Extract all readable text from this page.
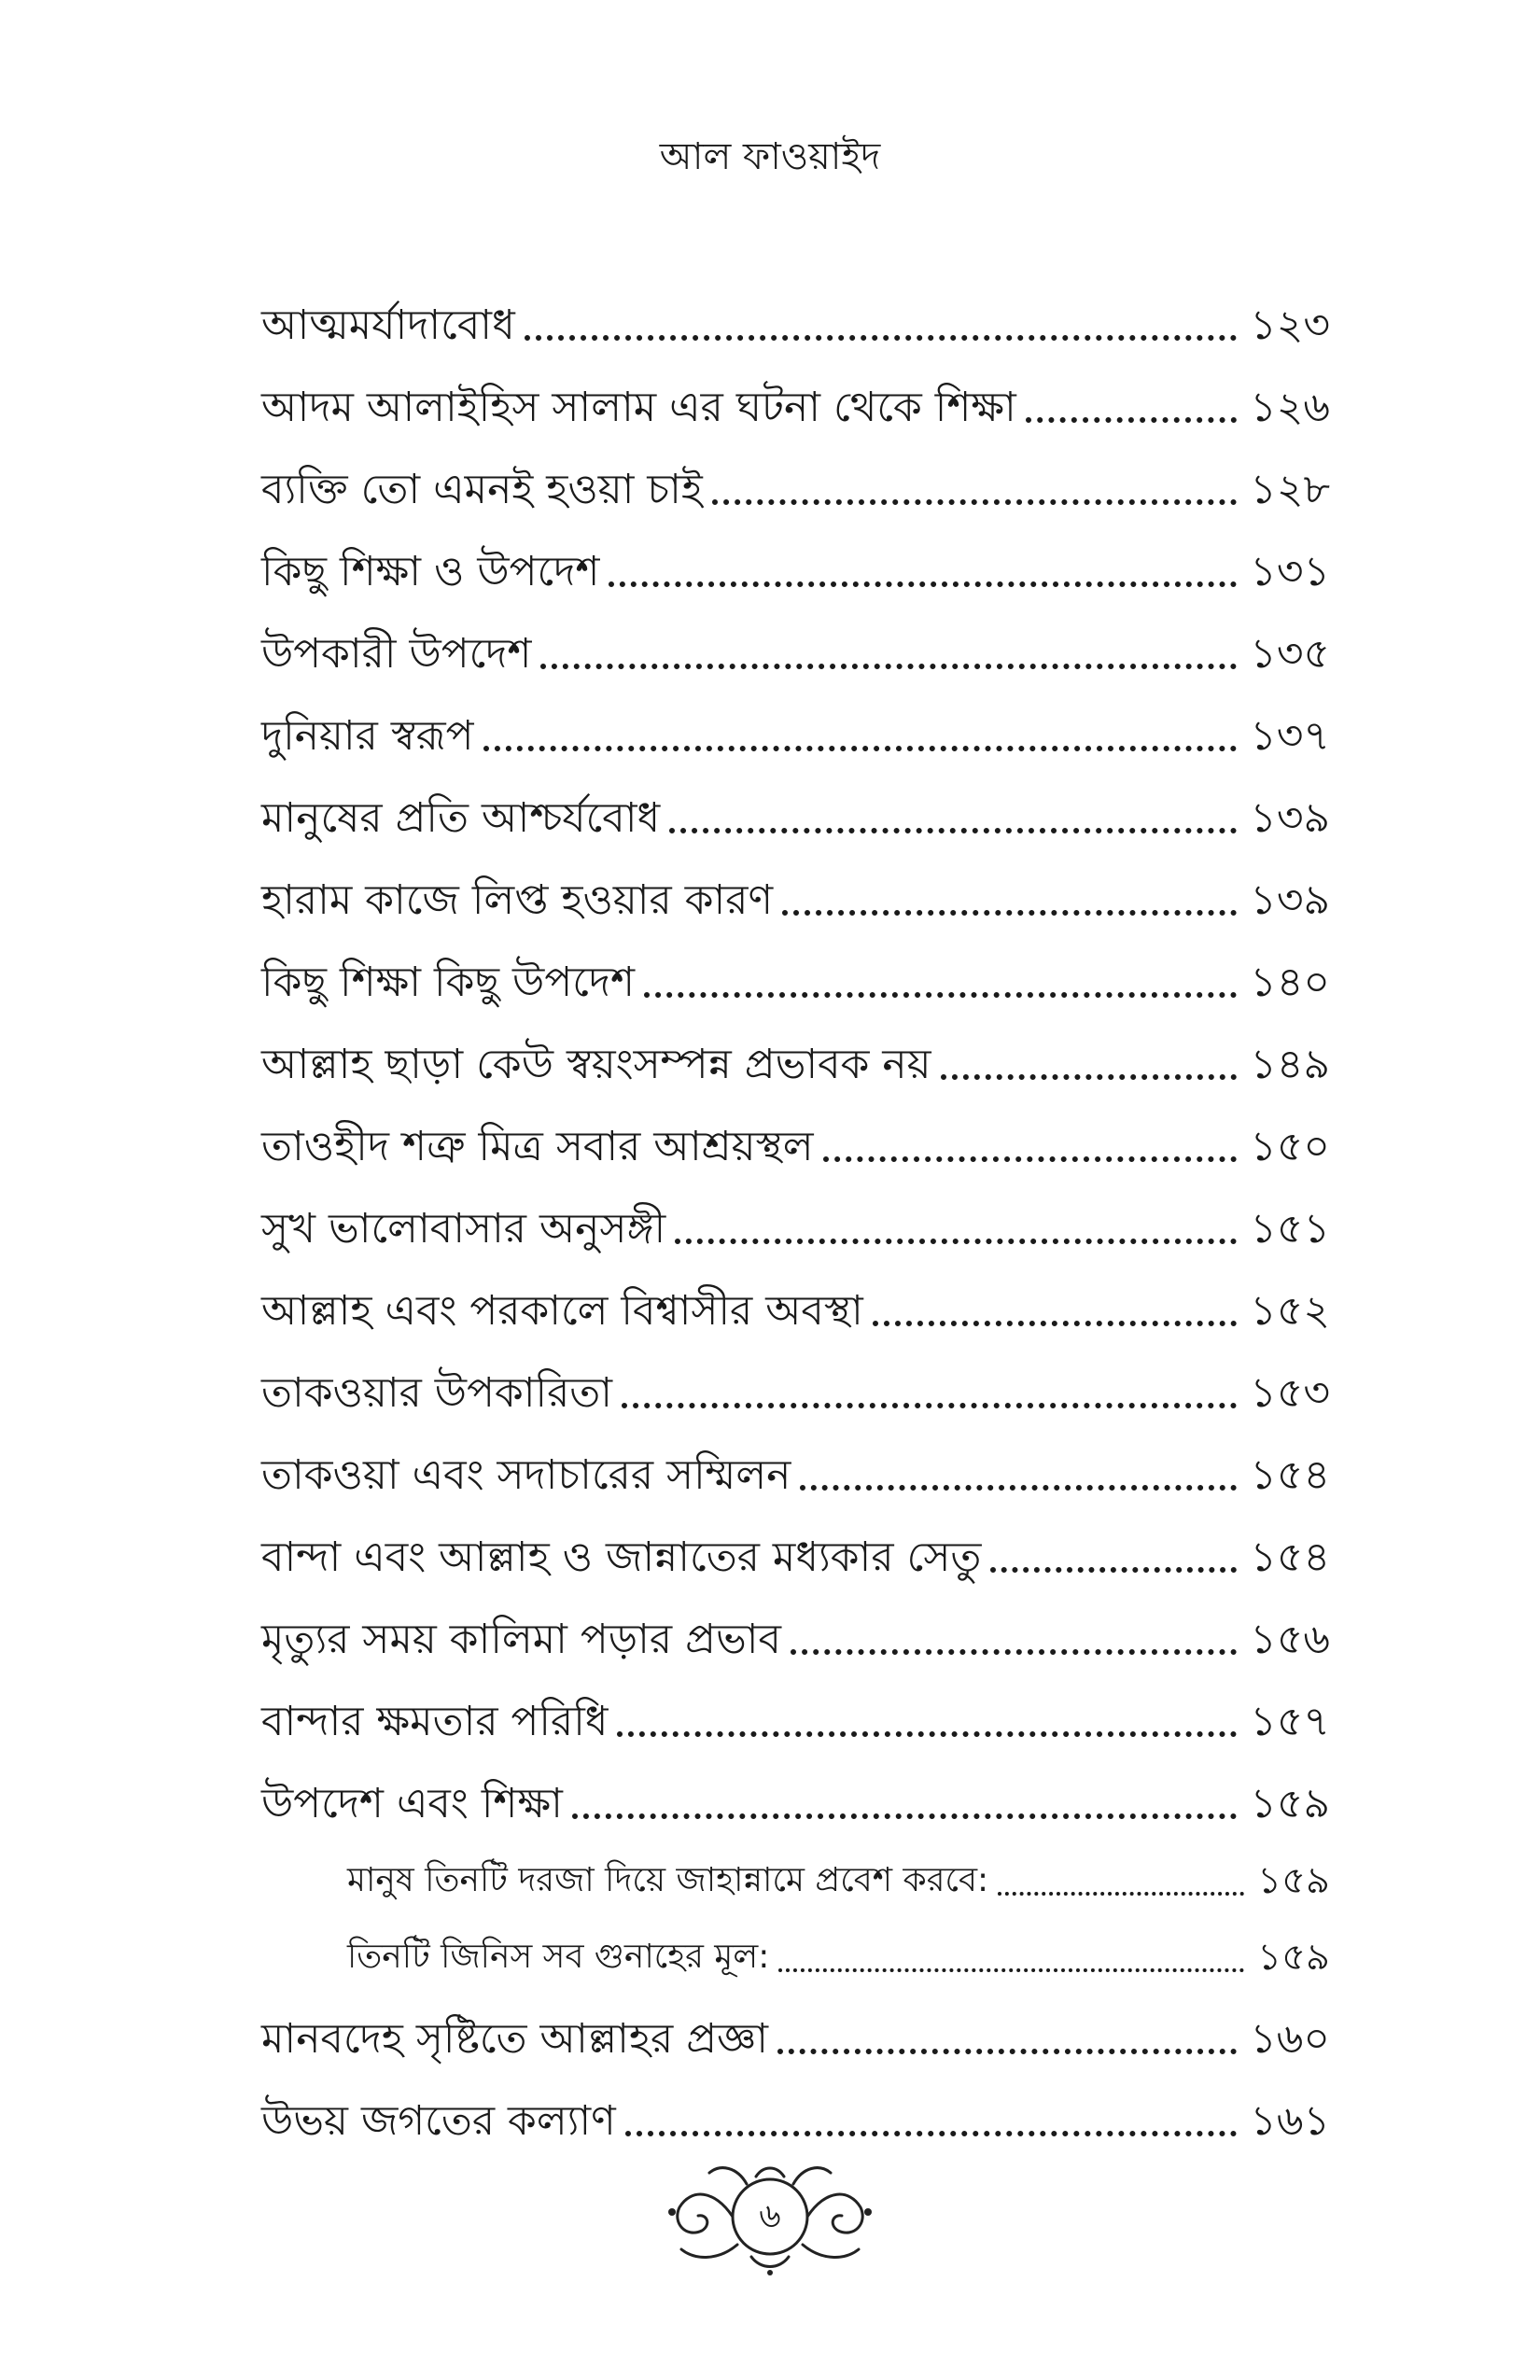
আল ফাওয়াইদ
আত্মমর্যাদাবোধ	১২৩
আদম আলাইহিস সালাম এর ঘটনা থেকে শিক্ষা	১২৬
ব্যক্তি তো এমনই হওয়া চাই	১২৮
কিছু শিক্ষা ও উপদেশ	১৩১
উপকারী উপদেশ	১৩৫
দুনিয়ার স্বরূপ	১৩৭
মানুষের প্রতি আশ্চর্যবোধ	১৩৯
হারাম কাজে লিপ্ত হওয়ার কারণ	১৩৯
কিছু শিক্ষা কিছু উপদেশ	১৪০
আল্লাহ ছাড়া কেউ স্বয়ংসম্পন্ন প্রভাবক নয়	১৪৯
তাওহীদ শত্রু মিত্র সবার আশ্রয়স্থল	১৫০
সুখ ভালোবাসার অনুসঙ্গী	১৫১
আল্লাহ এবং পরকালে বিশ্বাসীর অবস্থা	১৫২
তাকওয়ার উপকারিতা	১৫৩
তাকওয়া এবং সদাচারের সম্মিলন	১৫৪
বান্দা এবং আল্লাহ ও জান্নাতের মধ্যকার সেতু	১৫৪
মৃত্যুর সময় কালিমা পড়ার প্রভাব	১৫৬
বান্দার ক্ষমতার পরিধি	১৫৭
উপদেশ এবং শিক্ষা	১৫৯
মানুষ তিনটি দরজা দিয়ে জাহান্নামে প্রবেশ করবে:	১৫৯
তিনটি জিনিস সব গুনাহের মূল:	১৫৯
মানবদেহ সৃষ্টিতে আল্লাহর প্রজ্ঞা	১৬০
উভয় জগতের কল্যাণ	১৬১
৬
